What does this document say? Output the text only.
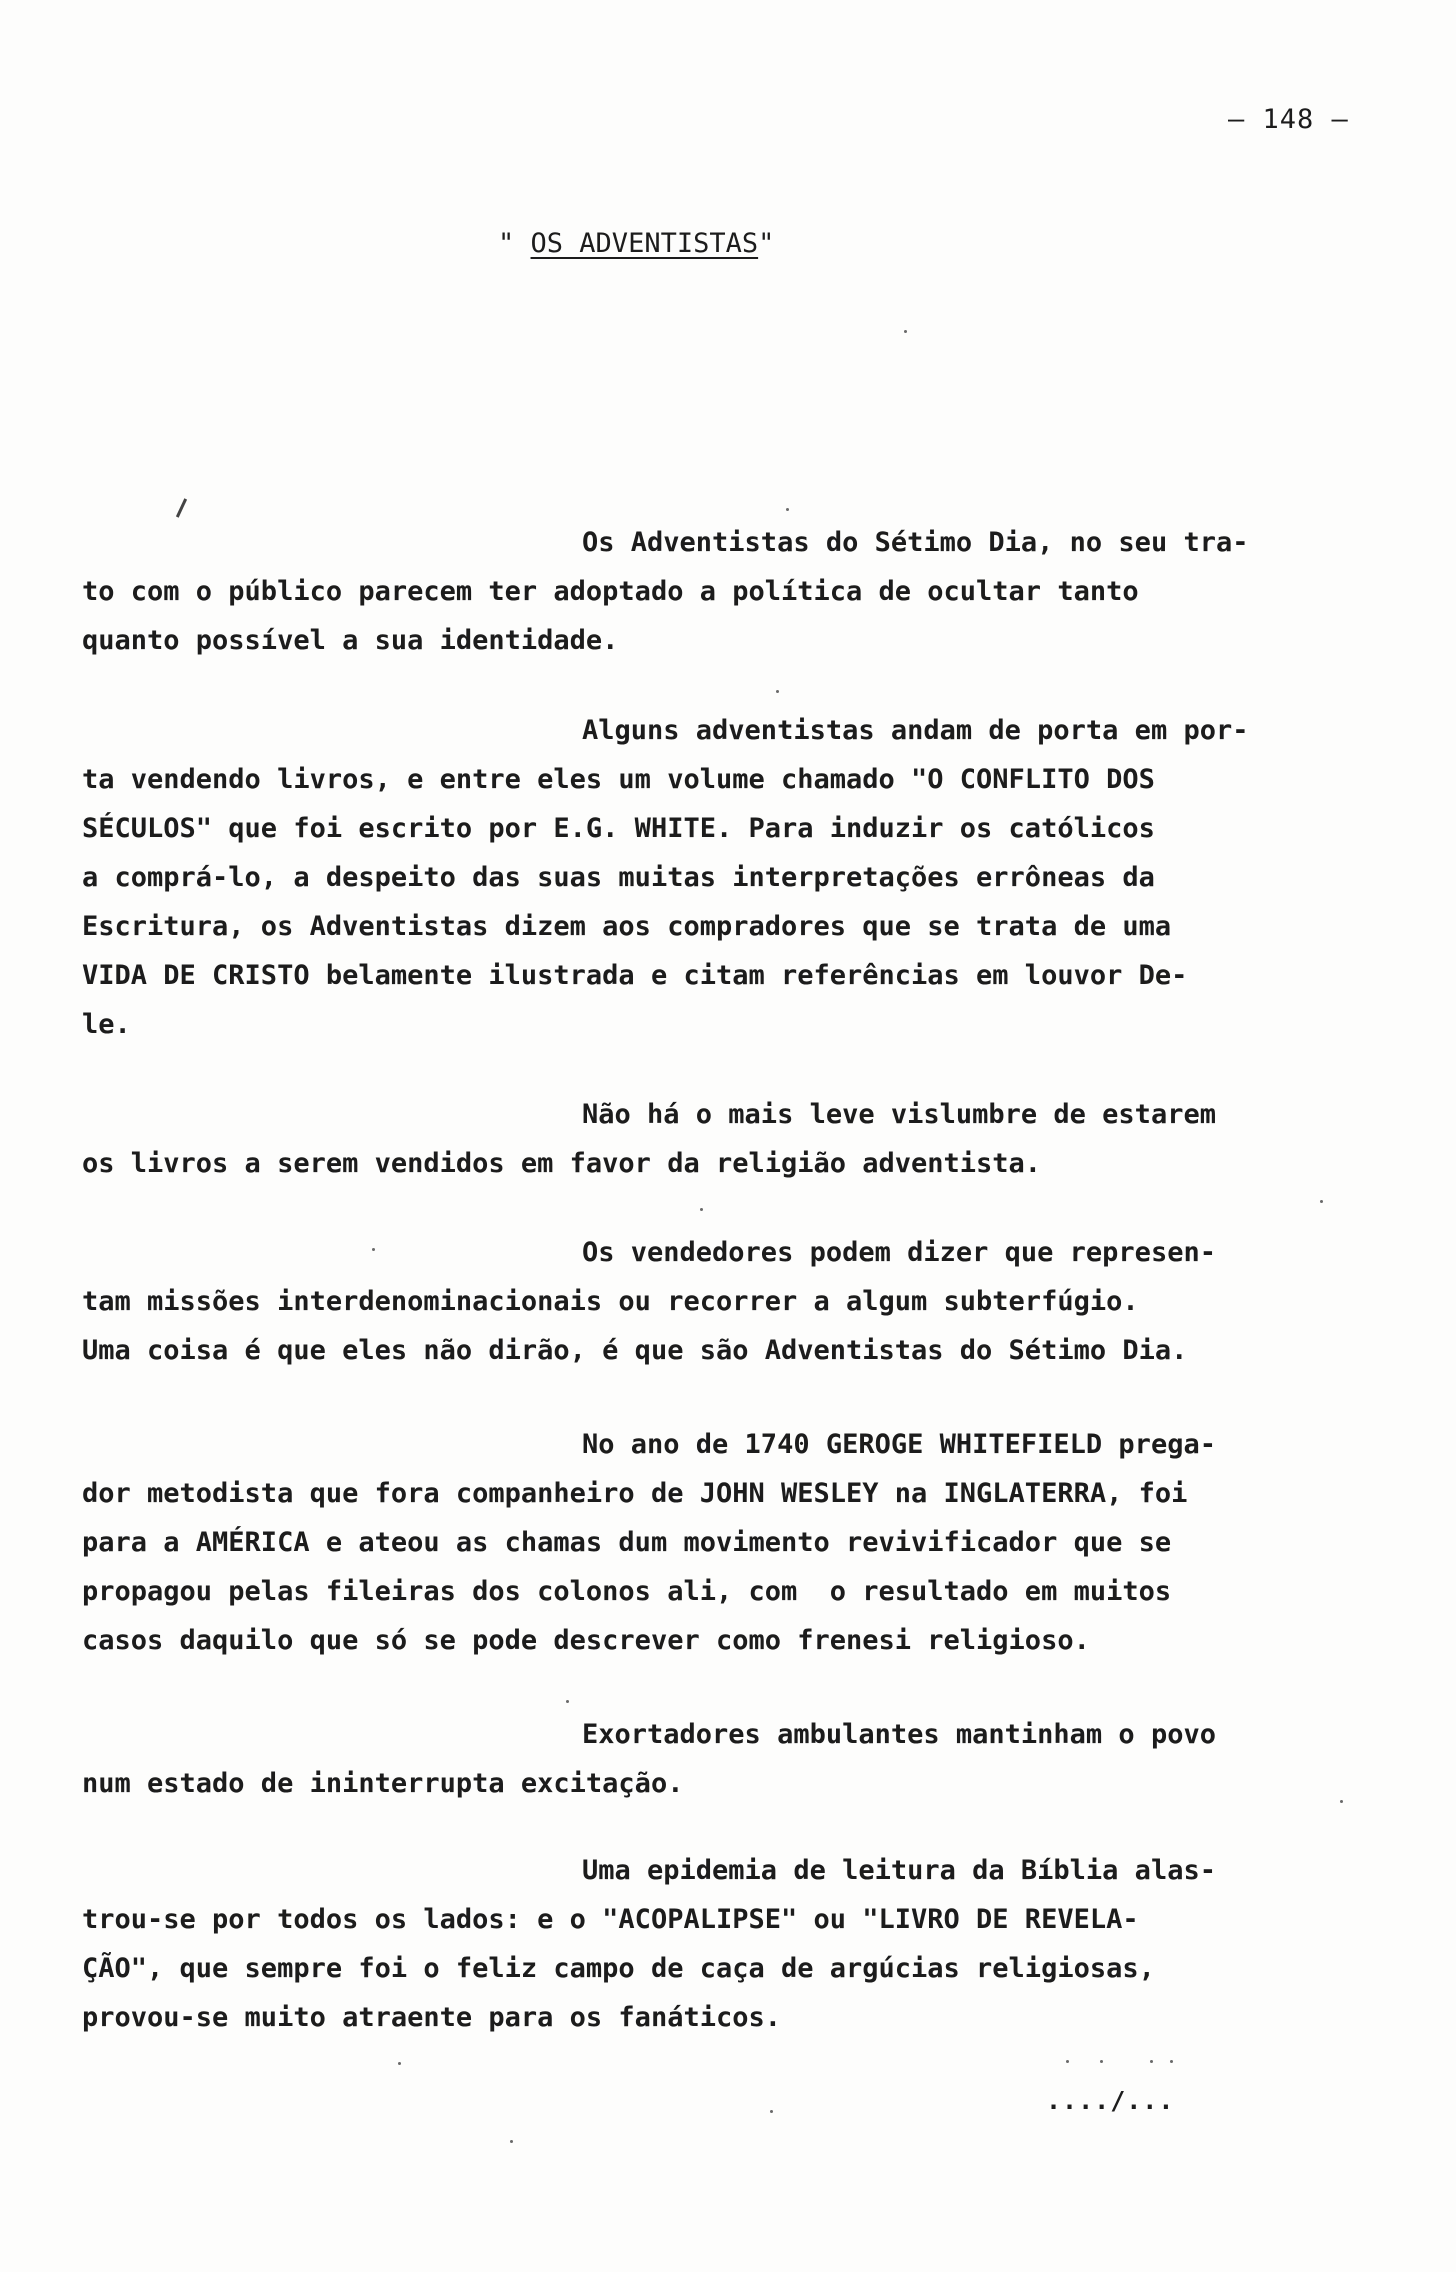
— 148 —
" OS ADVENTISTAS"
Os Adventistas do Sétimo Dia, no seu tra-
to com o público parecem ter adoptado a política de ocultar tanto
quanto possível a sua identidade.
Alguns adventistas andam de porta em por-
ta vendendo livros, e entre eles um volume chamado "O CONFLITO DOS
SÉCULOS" que foi escrito por E.G. WHITE. Para induzir os católicos
a comprá-lo, a despeito das suas muitas interpretações errôneas da
Escritura, os Adventistas dizem aos compradores que se trata de uma
VIDA DE CRISTO belamente ilustrada e citam referências em louvor De-
le.
Não há o mais leve vislumbre de estarem
os livros a serem vendidos em favor da religião adventista.
Os vendedores podem dizer que represen-
tam missões interdenominacionais ou recorrer a algum subterfúgio.
Uma coisa é que eles não dirão, é que são Adventistas do Sétimo Dia.
No ano de 1740 GEROGE WHITEFIELD prega-
dor metodista que fora companheiro de JOHN WESLEY na INGLATERRA, foi
para a AMÉRICA e ateou as chamas dum movimento revivificador que se
propagou pelas fileiras dos colonos ali, com  o resultado em muitos
casos daquilo que só se pode descrever como frenesi religioso.
Exortadores ambulantes mantinham o povo
num estado de ininterrupta excitação.
Uma epidemia de leitura da Bíblia alas-
trou-se por todos os lados: e o "ACOPALIPSE" ou "LIVRO DE REVELA-
ÇÃO", que sempre foi o feliz campo de caça de argúcias religiosas,
provou-se muito atraente para os fanáticos.
..../...
